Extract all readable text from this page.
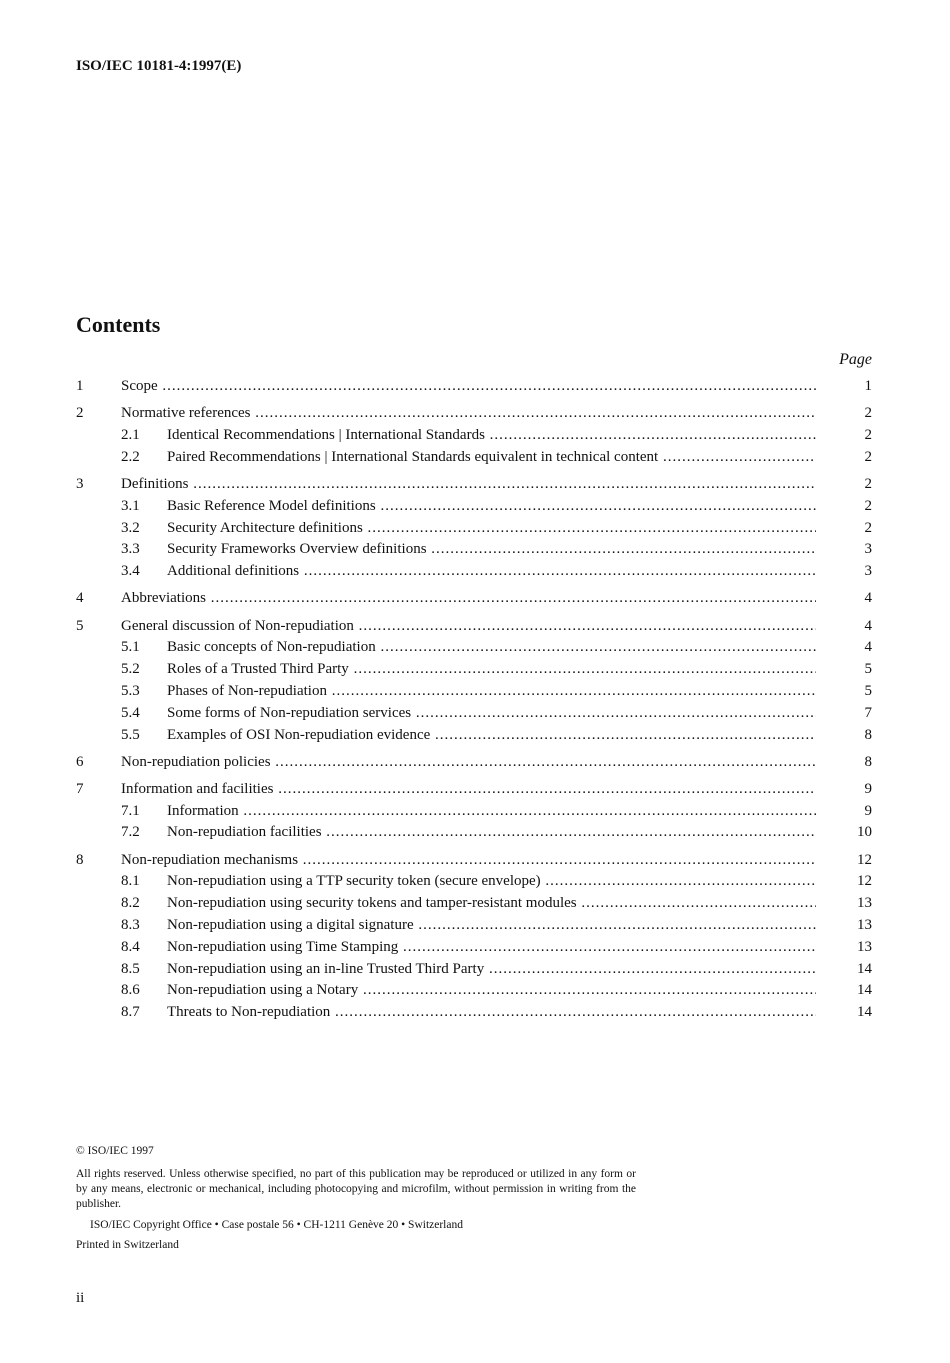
ISO/IEC 10181-4:1997(E)
Contents
Page
1	Scope .....	1
2	Normative references .....	2
2.1 Identical Recommendations | International Standards .....	2
2.2 Paired Recommendations | International Standards equivalent in technical content .....	2
3	Definitions .....	2
3.1 Basic Reference Model definitions .....	2
3.2 Security Architecture definitions .....	2
3.3 Security Frameworks Overview definitions .....	3
3.4 Additional definitions .....	3
4	Abbreviations .....	4
5	General discussion of Non-repudiation .....	4
5.1 Basic concepts of Non-repudiation .....	4
5.2 Roles of a Trusted Third Party .....	5
5.3 Phases of Non-repudiation .....	5
5.4 Some forms of Non-repudiation services .....	7
5.5 Examples of OSI Non-repudiation evidence .....	8
6	Non-repudiation policies .....	8
7	Information and facilities .....	9
7.1 Information .....	9
7.2 Non-repudiation facilities .....	10
8	Non-repudiation mechanisms .....	12
8.1 Non-repudiation using a TTP security token (secure envelope) .....	12
8.2 Non-repudiation using security tokens and tamper-resistant modules .....	13
8.3 Non-repudiation using a digital signature .....	13
8.4 Non-repudiation using Time Stamping .....	13
8.5 Non-repudiation using an in-line Trusted Third Party .....	14
8.6 Non-repudiation using a Notary .....	14
8.7 Threats to Non-repudiation .....	14
© ISO/IEC 1997
All rights reserved. Unless otherwise specified, no part of this publication may be reproduced or utilized in any form or by any means, electronic or mechanical, including photocopying and microfilm, without permission in writing from the publisher.
ISO/IEC Copyright Office • Case postale 56 • CH-1211 Genève 20 • Switzerland
Printed in Switzerland
ii
